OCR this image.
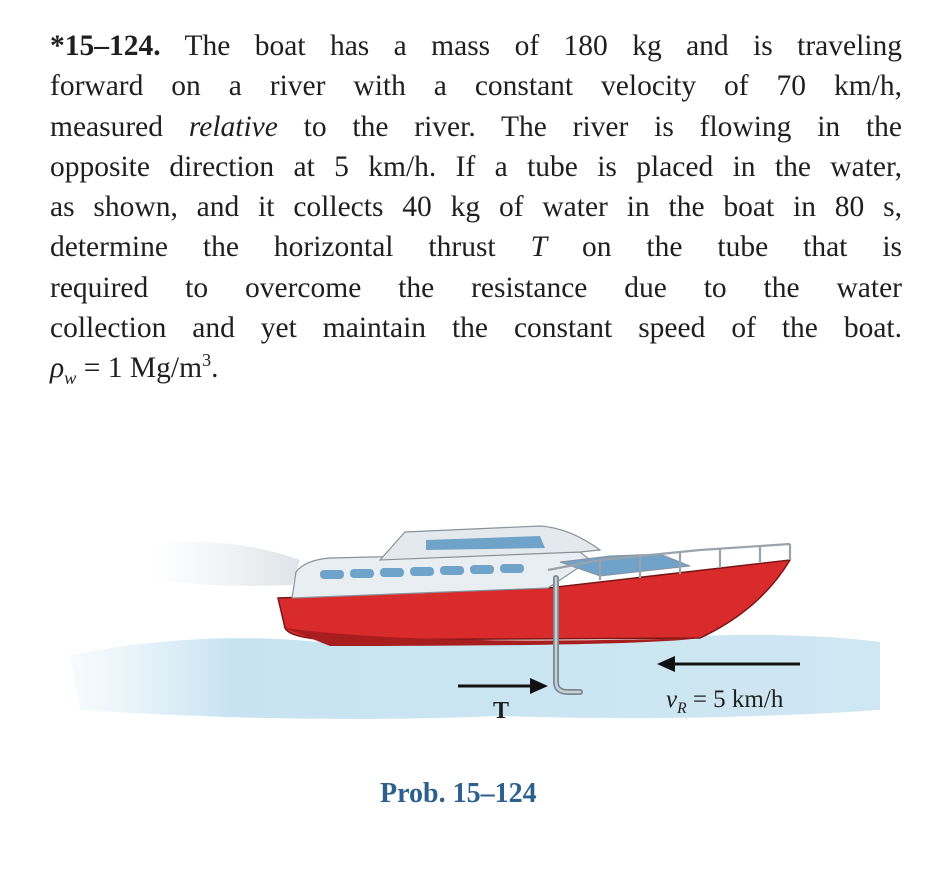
*15–124. The boat has a mass of 180 kg and is traveling
forward on a river with a constant velocity of 70 km/h,
measured relative to the river. The river is flowing in the
opposite direction at 5 km/h. If a tube is placed in the water,
as shown, and it collects 40 kg of water in the boat in 80 s,
determine the horizontal thrust T on the tube that is
required to overcome the resistance due to the water
collection and yet maintain the constant speed of the boat.
$\rho_w = 1$ $Mg/m^3$.
T	$v_R = 5$ km/h
Prob. 15–124
